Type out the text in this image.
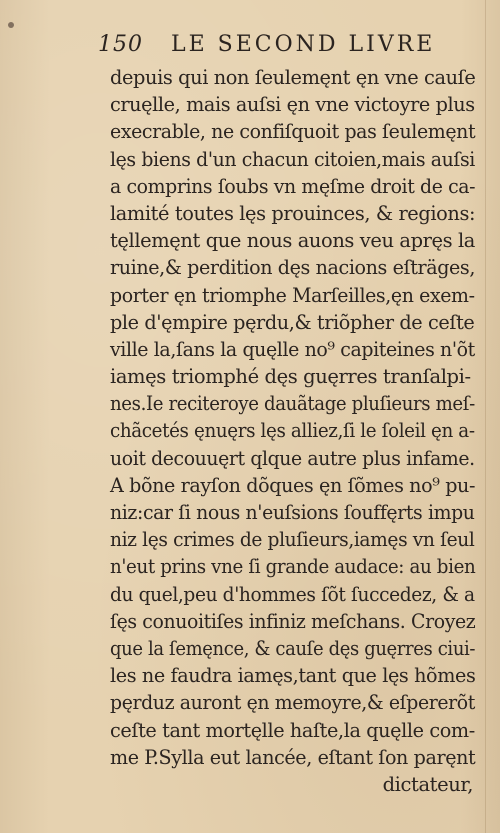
150 LE SECOND LIVRE
depuis qui non ſeulemęnt ęn vne cauſe
cruęlle, mais auſsi ęn vne victoyre plus
execrable, ne confiſquoit pas ſeulemęnt
lęs biens d'un chacun citoien,mais auſsi
a comprins ſoubs vn męſme droit de ca-
lamité toutes lęs prouinces, & regions:
tęllemęnt que nous auons veu apręs la
ruine,& perdition dęs nacions eſträges,
porter ęn triomphe Marſeilles,ęn exem-
ple d'ęmpire pęrdu,& triõpher de ceſte
ville la,ſans la quęlle no⁹ capiteines n'õt
iamęs triomphé dęs guęrres tranſalpi-
nes.Ie reciteroye dauãtage pluſieurs meſ-
chãcetés ęnuęrs lęs alliez,ſi le ſoleil ęn a-
uoit decouuęrt qlque autre plus infame.
A bõne rayſon dõques ęn ſõmes no⁹ pu-
niz:car ſi nous n'euſsions ſouffęrts impu
niz lęs crimes de pluſieurs,iamęs vn ſeul
n'eut prins vne ſi grande audace: au bien
du quel,peu d'hommes ſõt ſuccedez, & a
ſęs conuoitiſes infiniz meſchans. Croyez
que la ſemęnce, & cauſe dęs guęrres ciui-
les ne faudra iamęs,tant que lęs hõmes
pęrduz auront ęn memoyre,& eſpererõt
ceſte tant mortęlle haſte,la quęlle com-
me P.Sylla eut lancée, eſtant ſon paręnt
dictateur,
